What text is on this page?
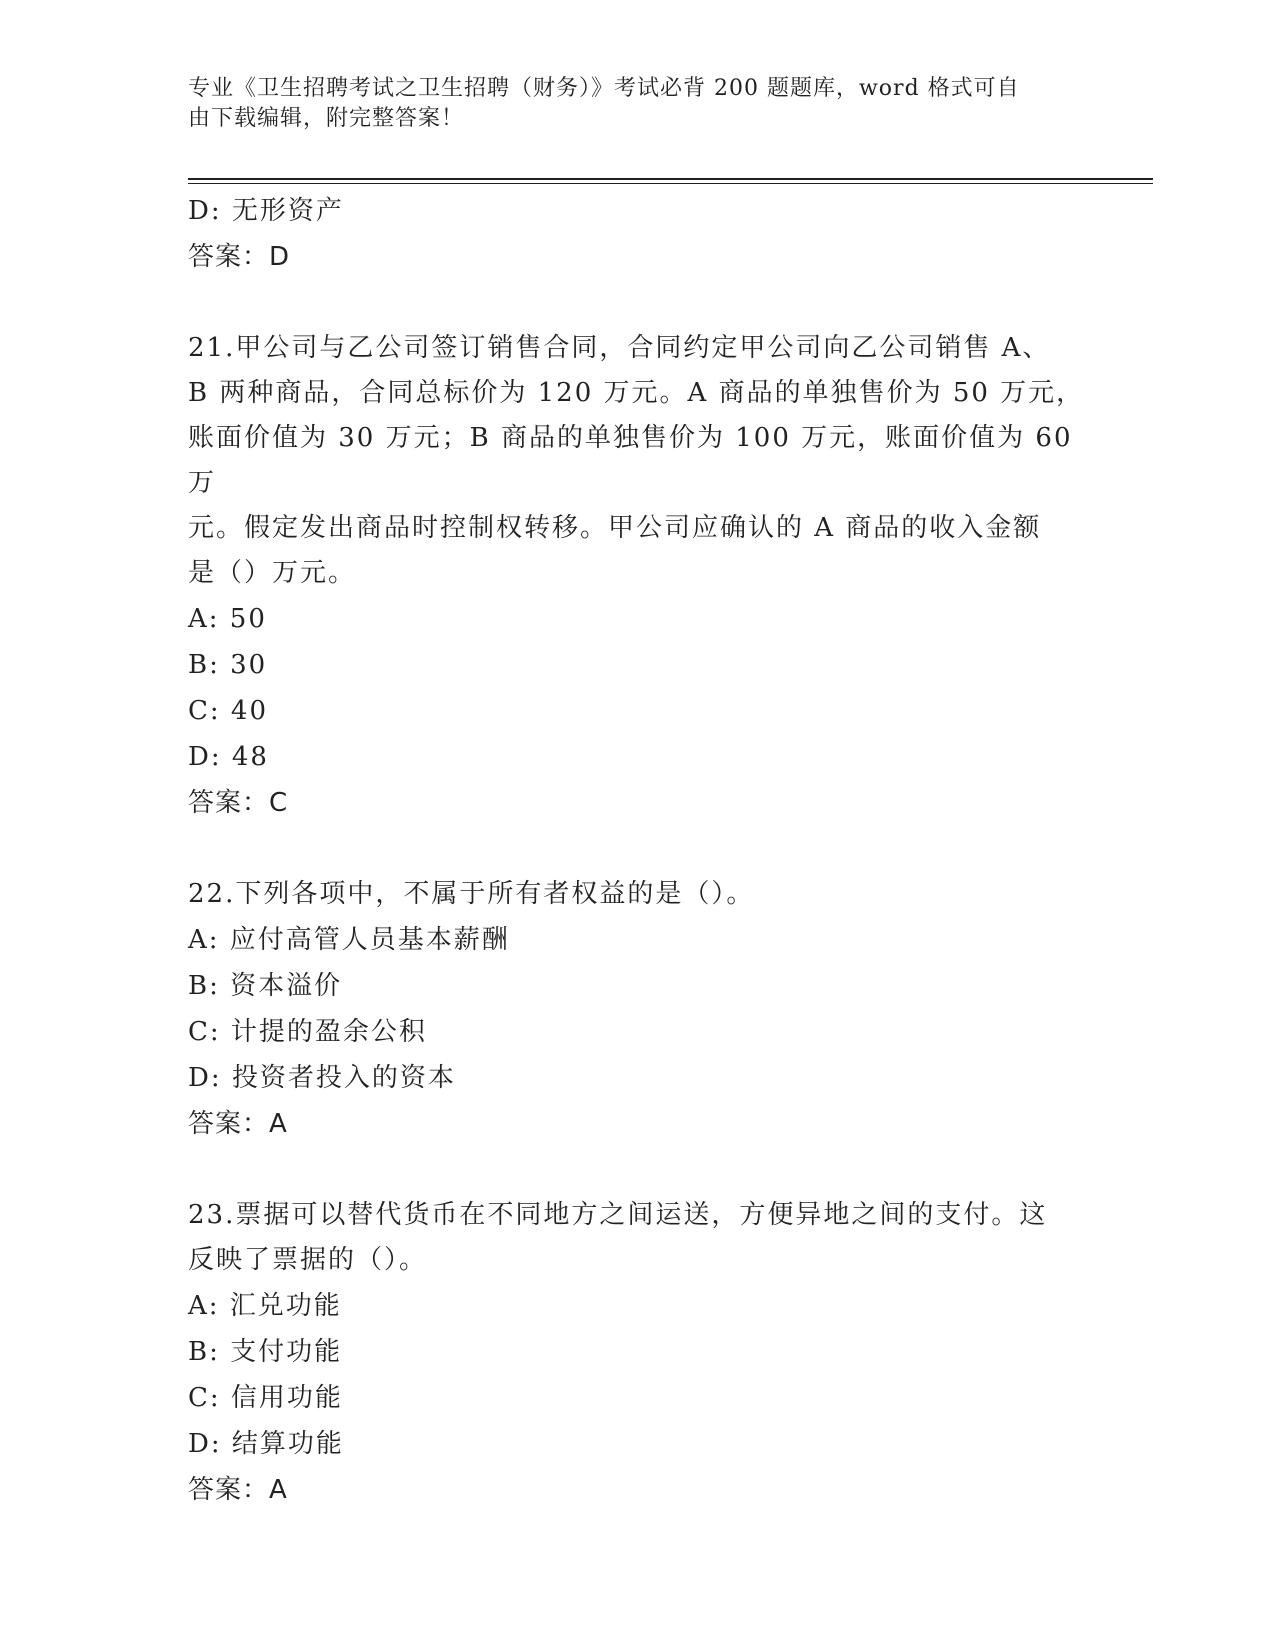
专业《卫生招聘考试之卫生招聘（财务）》考试必背 200 题题库，word 格式可自
由下载编辑，附完整答案！
D: 无形资产
答案：D
21.甲公司与乙公司签订销售合同，合同约定甲公司向乙公司销售 A、
B 两种商品，合同总标价为 120 万元。A 商品的单独售价为 50 万元，
账面价值为 30 万元；B 商品的单独售价为 100 万元，账面价值为 60 万
元。假定发出商品时控制权转移。甲公司应确认的 A 商品的收入金额
是（）万元。
A: 50
B: 30
C: 40
D: 48
答案：C
22.下列各项中，不属于所有者权益的是（）。
A: 应付高管人员基本薪酬
B: 资本溢价
C: 计提的盈余公积
D: 投资者投入的资本
答案：A
23.票据可以替代货币在不同地方之间运送，方便异地之间的支付。这
反映了票据的（）。
A: 汇兑功能
B: 支付功能
C: 信用功能
D: 结算功能
答案：A
